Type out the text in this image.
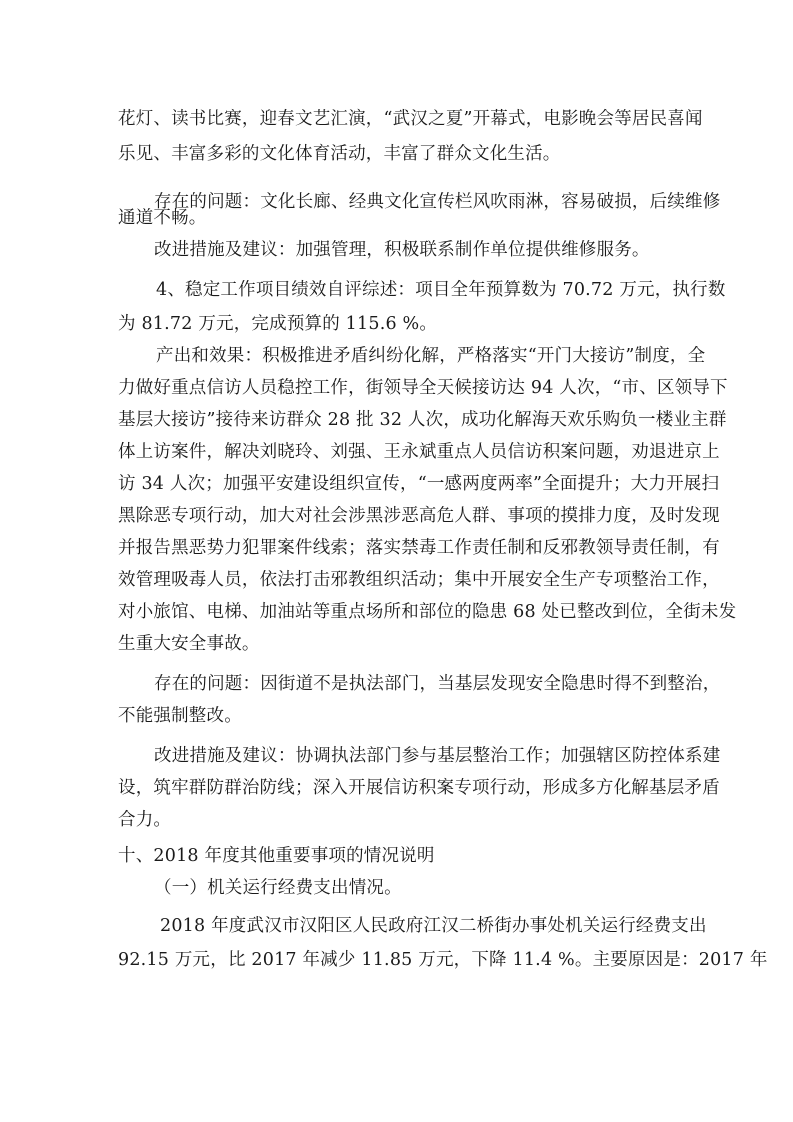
花灯、读书比赛，迎春文艺汇演，“武汉之夏”开幕式，电影晚会等居民喜闻
乐见、丰富多彩的文化体育活动，丰富了群众文化生活。
存在的问题：文化长廊、经典文化宣传栏风吹雨淋，容易破损，后续维修
通道不畅。
改进措施及建议：加强管理，积极联系制作单位提供维修服务。
4、稳定工作项目绩效自评综述：项目全年预算数为 70.72 万元，执行数
为 81.72 万元，完成预算的 115.6 %。
产出和效果：积极推进矛盾纠纷化解，严格落实“开门大接访”制度，全
力做好重点信访人员稳控工作，街领导全天候接访达 94 人次，“市、区领导下
基层大接访”接待来访群众 28 批 32 人次，成功化解海天欢乐购负一楼业主群
体上访案件，解决刘晓玲、刘强、王永斌重点人员信访积案问题，劝退进京上
访 34 人次；加强平安建设组织宣传，“一感两度两率”全面提升；大力开展扫
黑除恶专项行动，加大对社会涉黑涉恶高危人群、事项的摸排力度，及时发现
并报告黑恶势力犯罪案件线索；落实禁毒工作责任制和反邪教领导责任制，有
效管理吸毒人员，依法打击邪教组织活动；集中开展安全生产专项整治工作，
对小旅馆、电梯、加油站等重点场所和部位的隐患 68 处已整改到位，全街未发
生重大安全事故。
存在的问题：因街道不是执法部门，当基层发现安全隐患时得不到整治，
不能强制整改。
改进措施及建议：协调执法部门参与基层整治工作；加强辖区防控体系建
设，筑牢群防群治防线；深入开展信访积案专项行动，形成多方化解基层矛盾
合力。
十、2018 年度其他重要事项的情况说明
（一）机关运行经费支出情况。
2018 年度武汉市汉阳区人民政府江汉二桥街办事处机关运行经费支出
92.15 万元，比 2017 年减少 11.85 万元，下降 11.4 %。主要原因是：2017 年
